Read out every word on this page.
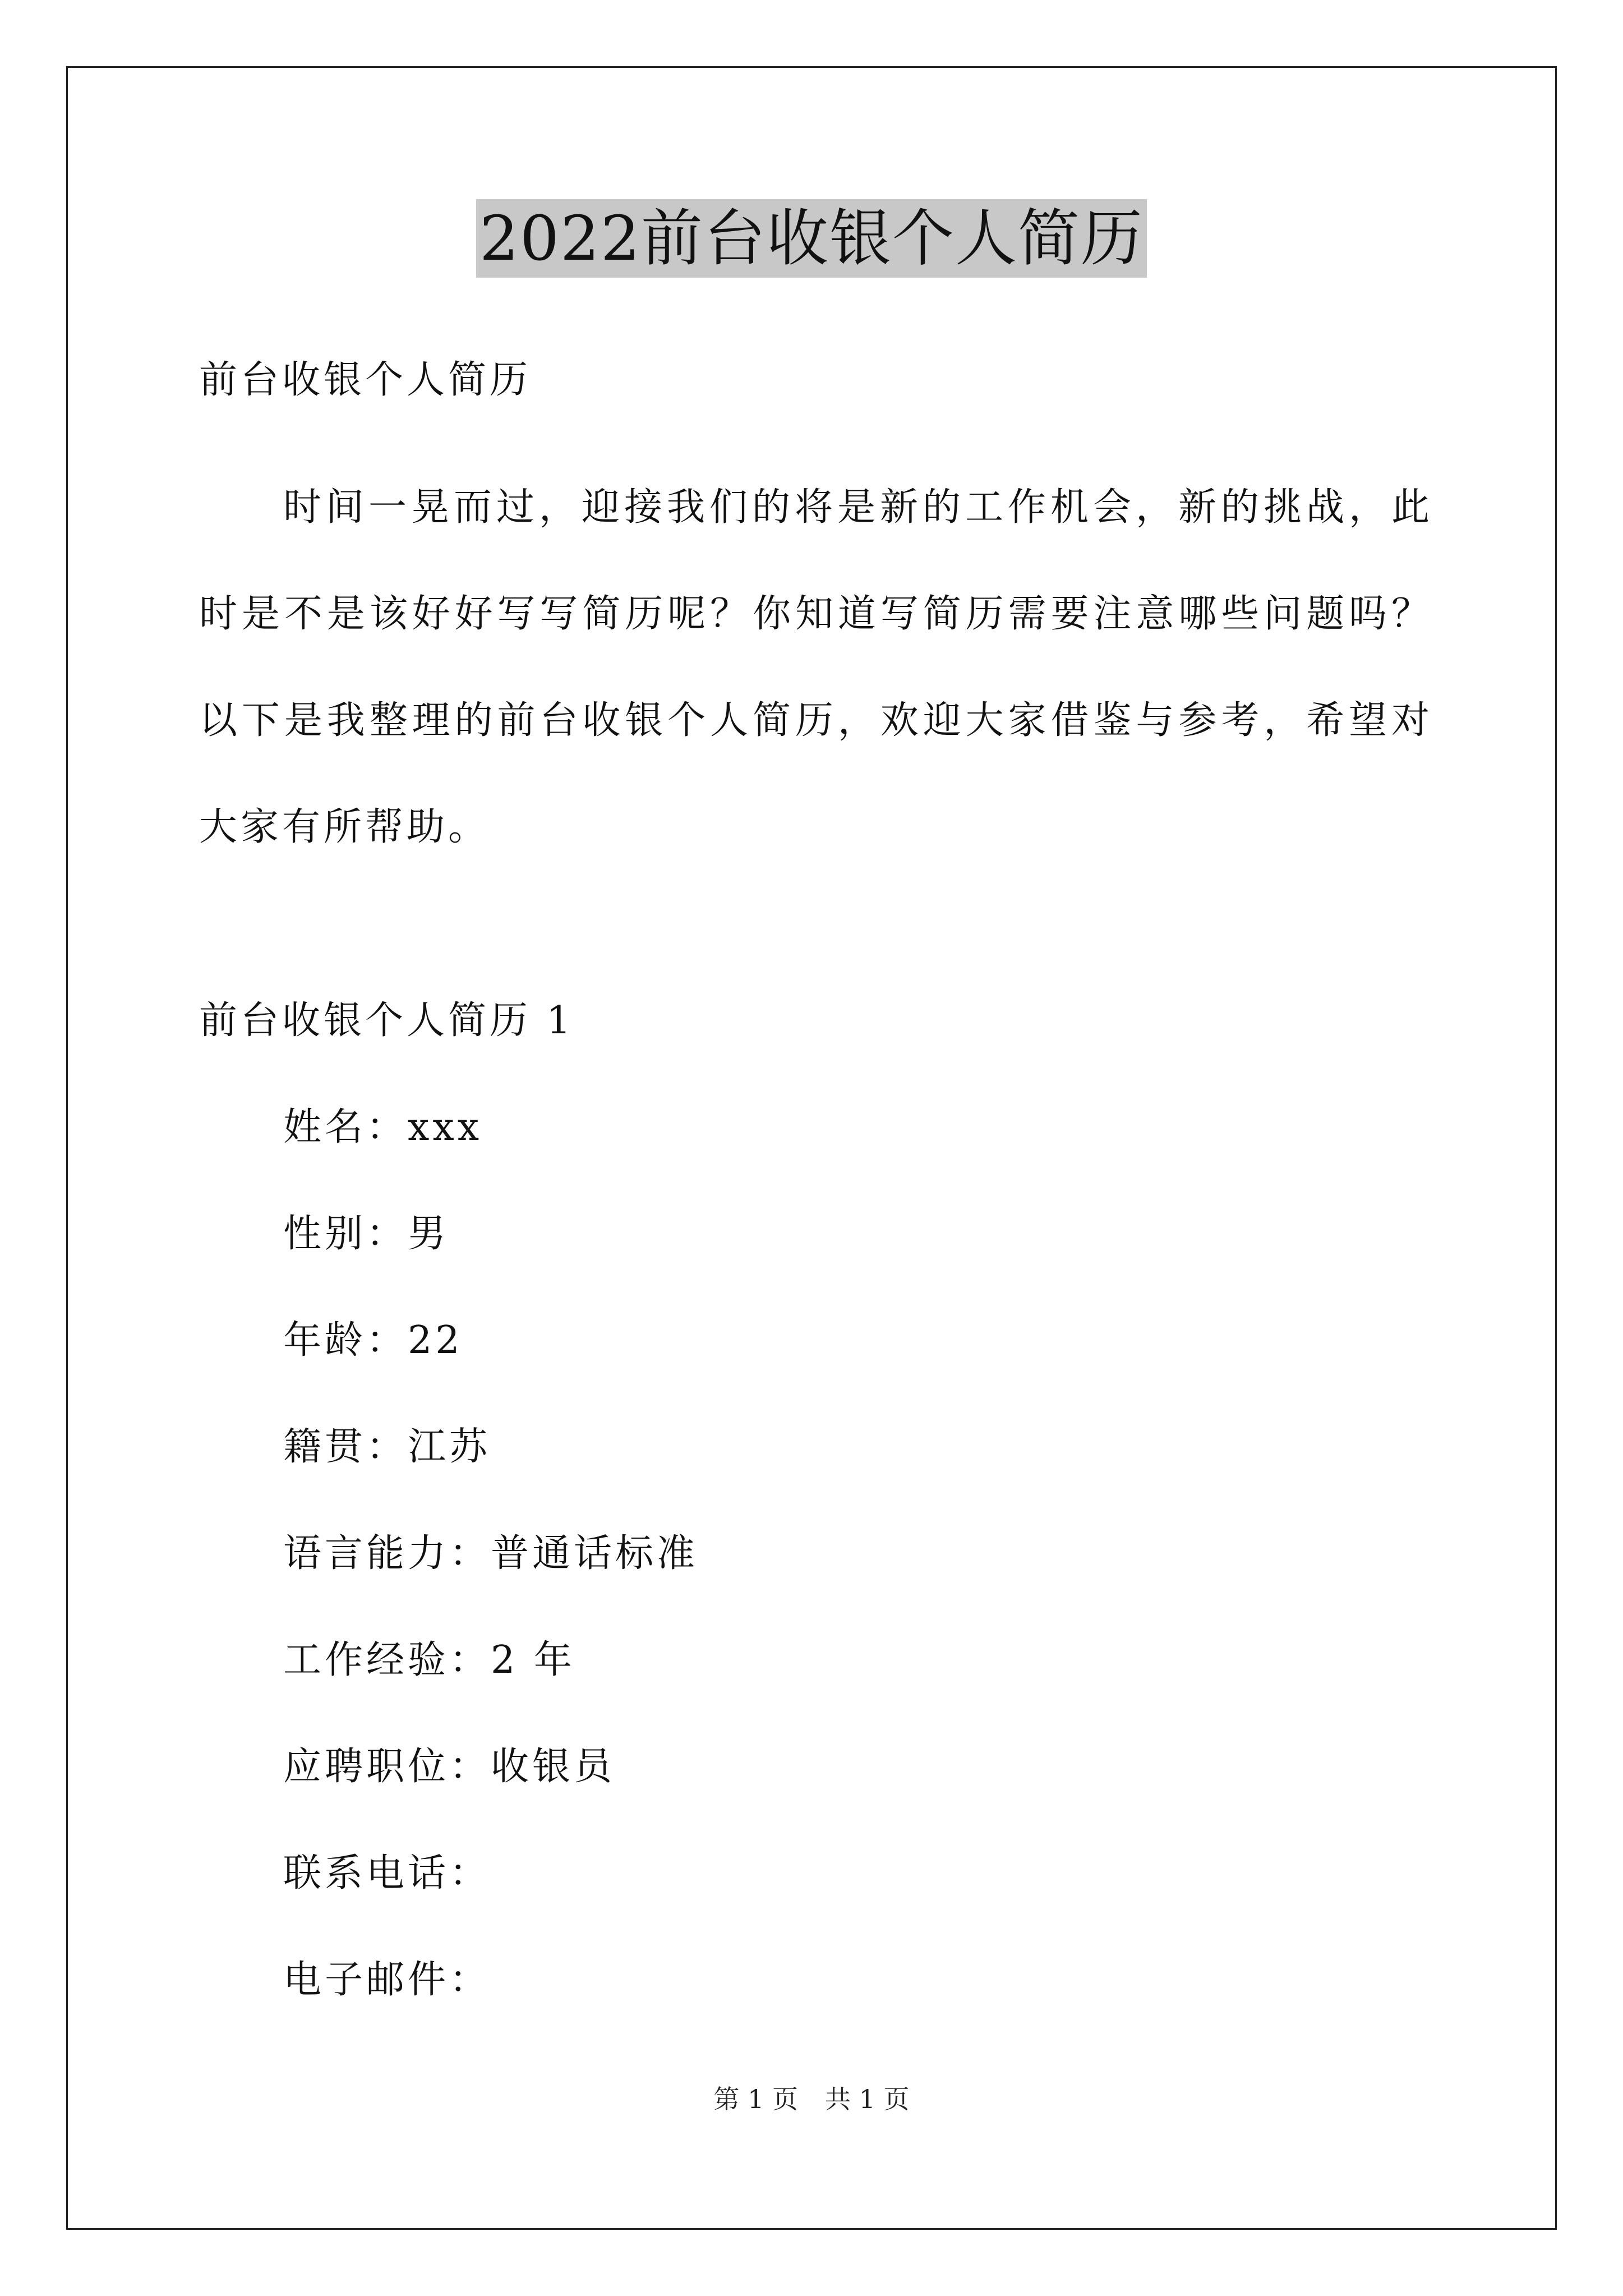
2022前台收银个人简历
前台收银个人简历
时间一晃而过，迎接我们的将是新的工作机会，新的挑战，此时是不是该好好写写简历呢？你知道写简历需要注意哪些问题吗？以下是我整理的前台收银个人简历，欢迎大家借鉴与参考，希望对大家有所帮助。
前台收银个人简历 1
姓名：xxx
性别：男
年龄：22
籍贯：江苏
语言能力：普通话标准
工作经验：2 年
应聘职位：收银员
联系电话：
电子邮件：
第 1 页 共 1 页
